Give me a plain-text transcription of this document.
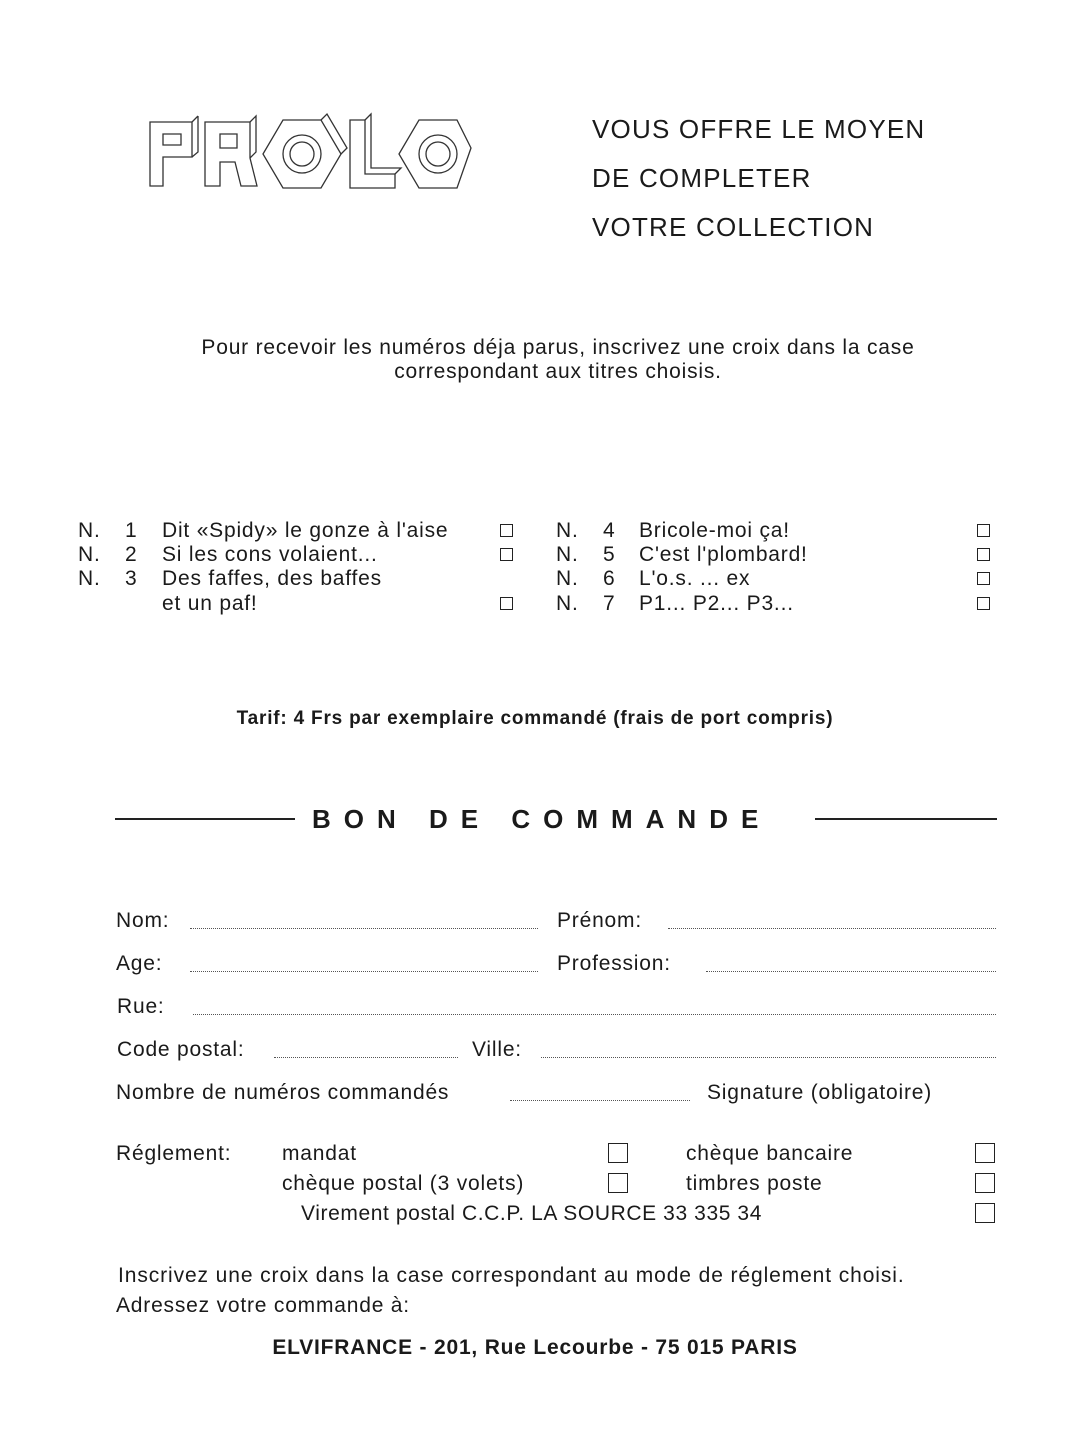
VOUS OFFRE LE MOYEN
DE COMPLETER
VOTRE COLLECTION
Pour recevoir les numéros déja parus, inscrivez une croix dans la case
correspondant aux titres choisis.
N. 1 Dit «Spidy» le gonze à l'aise
N. 2 Si les cons volaient...
N. 3 Des faffes, des baffes
et un paf!
N. 4 Bricole-moi ça!
N. 5 C'est l'plombard!
N. 6 L'o.s. ... ex
N. 7 P1... P2... P3...
Tarif: 4 Frs par exemplaire commandé (frais de port compris)
BON DE COMMANDE
Nom:	Prénom:
Age:	Profession:
Rue:
Code postal:	Ville:
Nombre de numéros commandés	Signature (obligatoire)
Réglement: mandat	chèque bancaire
chèque postal (3 volets)	timbres poste
Virement postal C.C.P. LA SOURCE 33 335 34
Inscrivez une croix dans la case correspondant au mode de réglement choisi.
Adressez votre commande à:
ELVIFRANCE - 201, Rue Lecourbe - 75 015 PARIS
